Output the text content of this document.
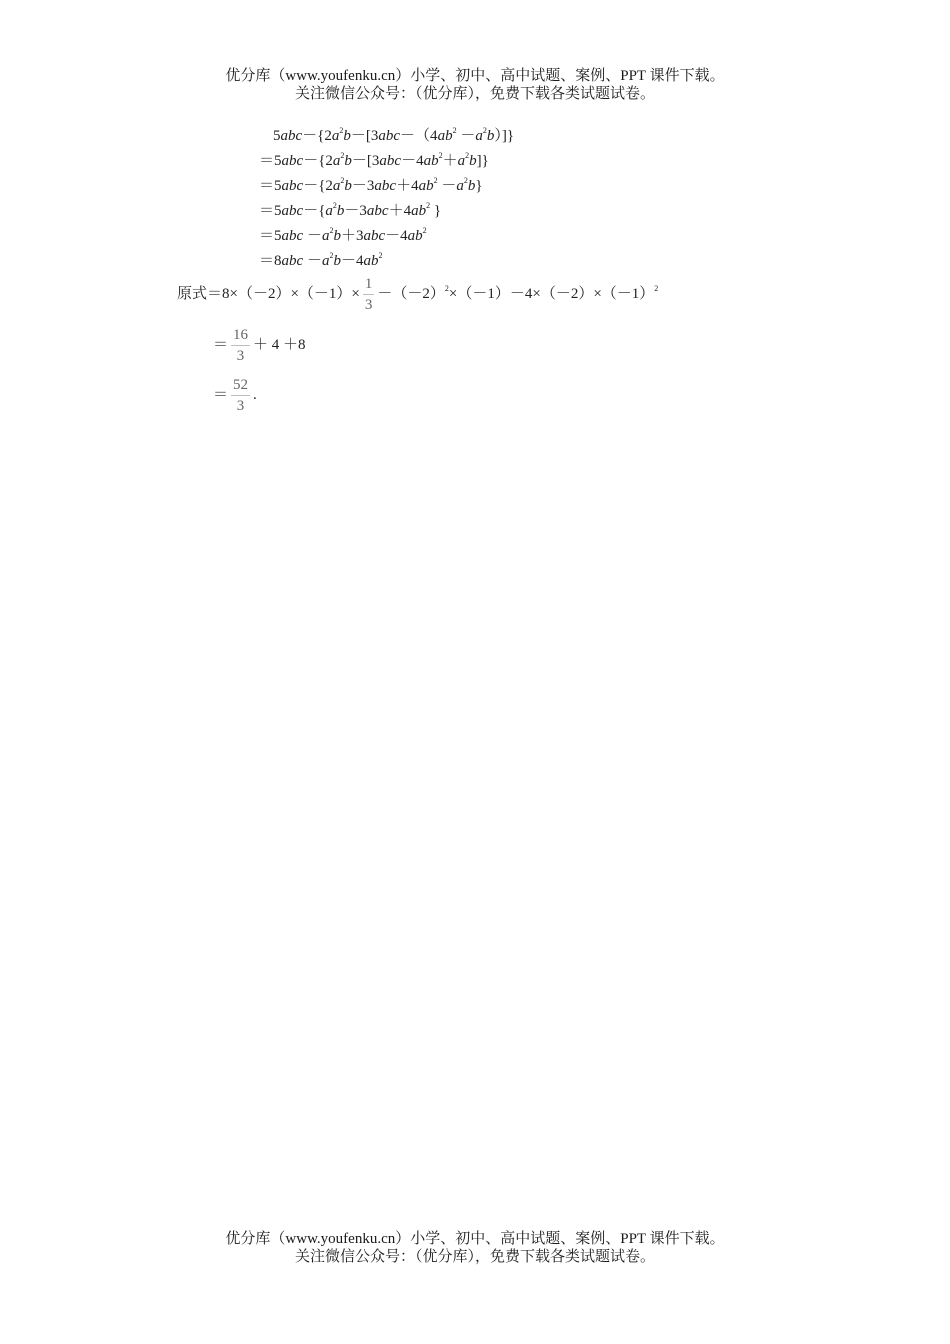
优分库（www.youfenku.cn）小学、初中、高中试题、案例、PPT 课件下载。
关注微信公众号：（优分库），免费下载各类试题试卷。
$5abc-\{2a^2b-[3abc-(4ab^2 -a^2b)]\}$
$=5abc-\{2a^2b-[3abc-4ab^2+a^2b]\}$
$=5abc-\{2a^2b-3abc+4ab^2 -a^2b\}$
$=5abc-\{a^2b-3abc+4ab^2$ }
$=5abc -a^2b+3abc-4ab^2$
$=8abc -a^2b-4ab^2$
原式$=8\times(-2)\times(-1)\times \frac{1}{3} -(-2)^2\times(-1)-4\times(-2)\times(-1)^2$
＝ $\frac{16}{3} + 4 +8$
＝ $\frac{52}{3}$ .
优分库（www.youfenku.cn）小学、初中、高中试题、案例、PPT 课件下载。
关注微信公众号：（优分库），免费下载各类试题试卷。
